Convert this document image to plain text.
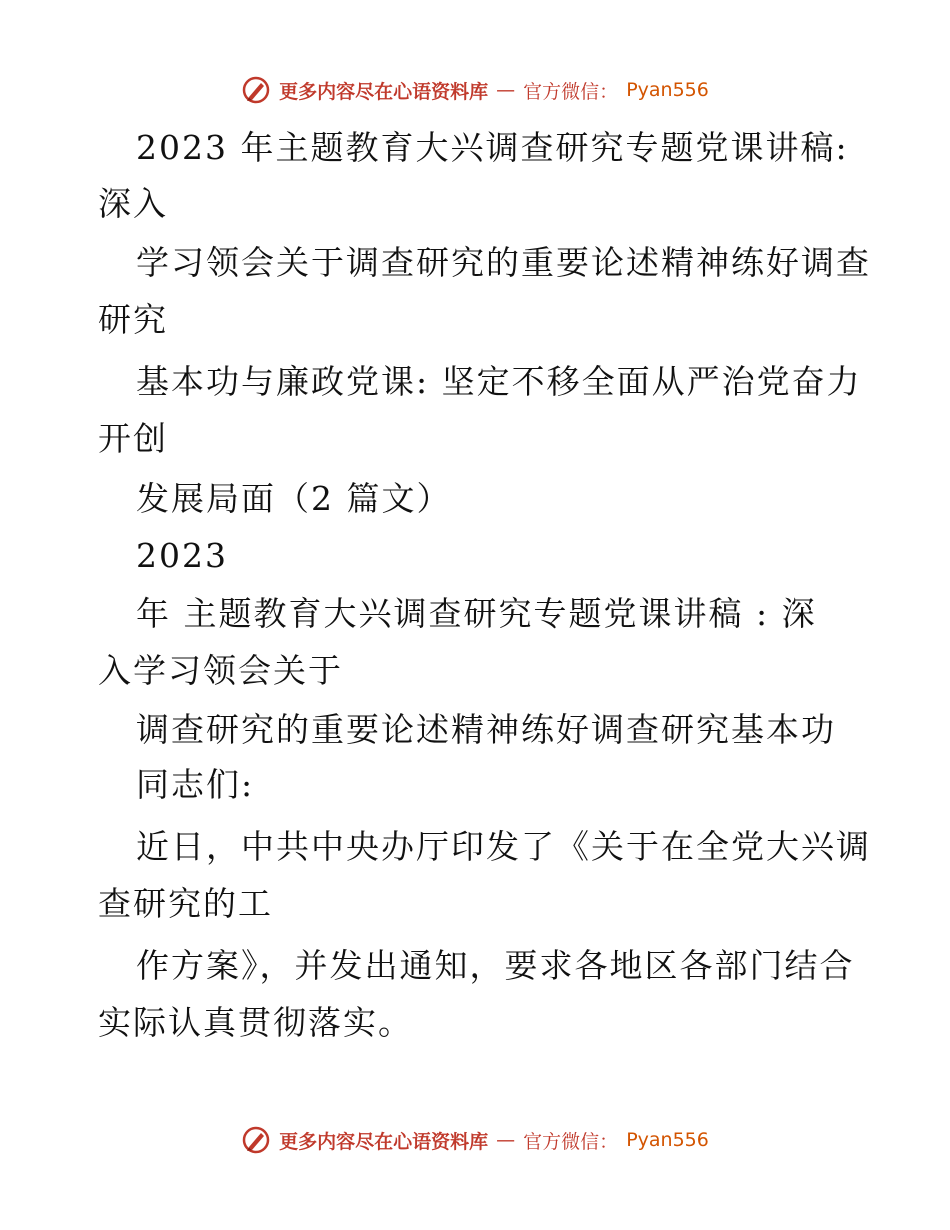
更多内容尽在心语资料库 — 官方微信： Pyan556
2023 年主题教育大兴调查研究专题党课讲稿:
深入
学习领会关于调查研究的重要论述精神练好调查
研究
基本功与廉政党课: 坚定不移全面从严治党奋力
开创
发展局面（2 篇文）
2023
年 主题教育大兴调查研究专题党课讲稿 : 深
入学习领会关于
调查研究的重要论述精神练好调查研究基本功
同志们:
近日，中共中央办厅印发了《关于在全党大兴调
查研究的工
作方案》，并发出通知，要求各地区各部门结合
实际认真贯彻落实。
更多内容尽在心语资料库 — 官方微信： Pyan556
